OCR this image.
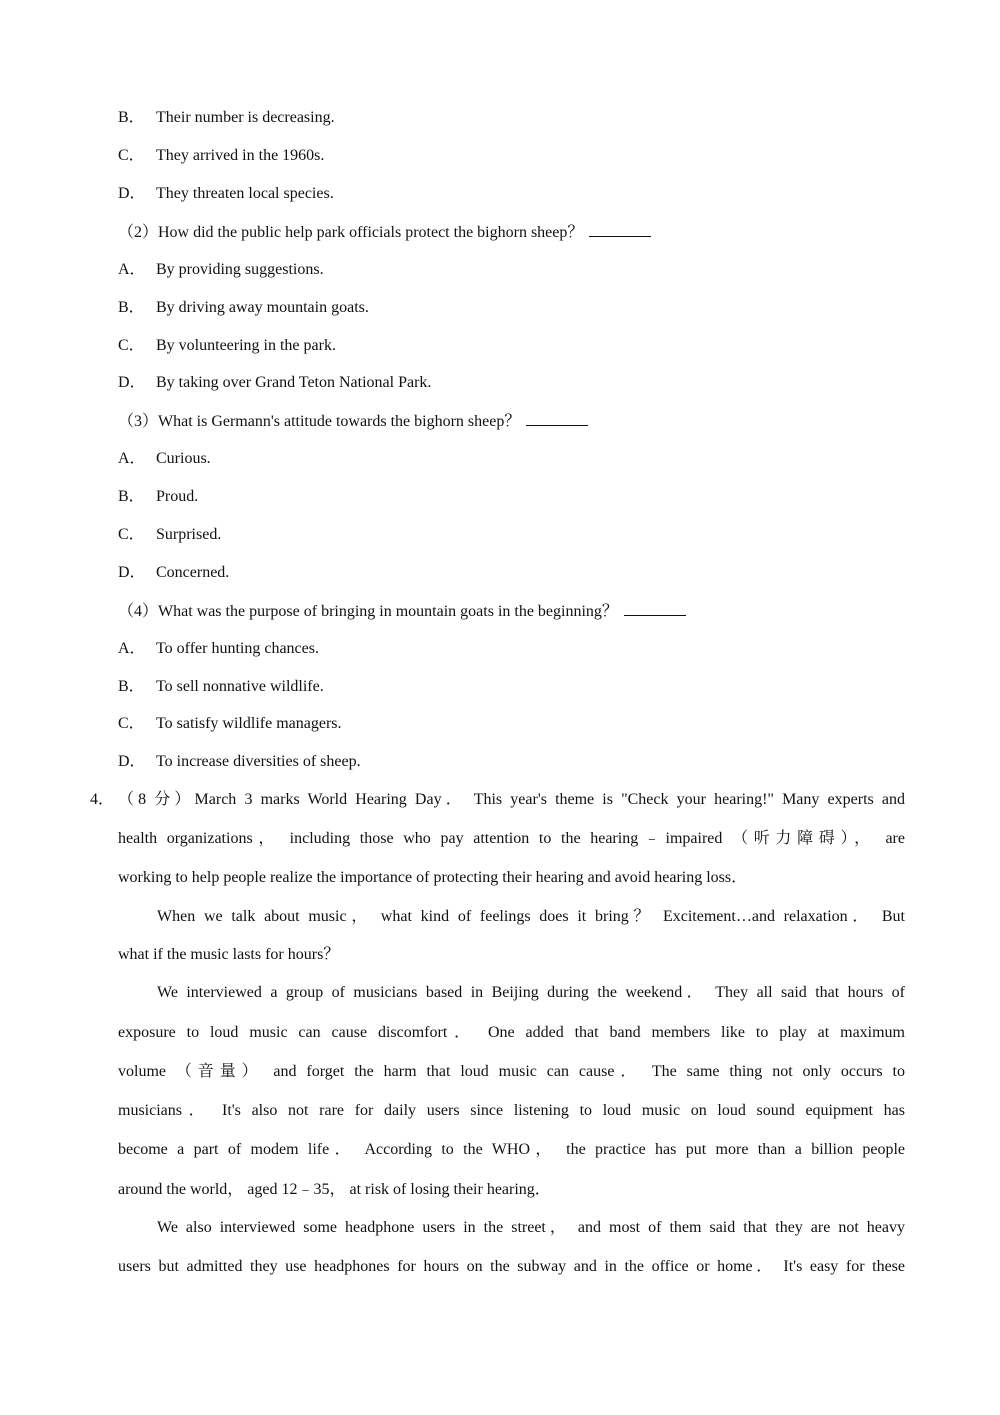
B． Their number is decreasing.
C． They arrived in the 1960s.
D． They threaten local species.
（2）How did the public help park officials protect the bighorn sheep？
A． By providing suggestions.
B． By driving away mountain goats.
C． By volunteering in the park.
D． By taking over Grand Teton National Park.
（3）What is Germann's attitude towards the bighorn sheep？
A． Curious.
B． Proud.
C． Surprised.
D． Concerned.
（4）What was the purpose of bringing in mountain goats in the beginning？
A． To offer hunting chances.
B． To sell nonnative wildlife.
C． To satisfy wildlife managers.
D． To increase diversities of sheep.
4． （8 分）March 3 marks World Hearing Day． This year's theme is "Check your hearing!" Many experts and
health organizations， including those who pay attention to the hearing﹣impaired （听力障碍）， are
working to help people realize the importance of protecting their hearing and avoid hearing loss．
When we talk about music， what kind of feelings does it bring？ Excitement…and relaxation． But
what if the music lasts for hours？
We interviewed a group of musicians based in Beijing during the weekend． They all said that hours of
exposure to loud music can cause discomfort． One added that band members like to play at maximum
volume （音量） and forget the harm that loud music can cause． The same thing not only occurs to
musicians． It's also not rare for daily users since listening to loud music on loud sound equipment has
become a part of modem life． According to the WHO， the practice has put more than a billion people
around the world， aged 12﹣35， at risk of losing their hearing．
We also interviewed some headphone users in the street， and most of them said that they are not heavy
users but admitted they use headphones for hours on the subway and in the office or home． It's easy for these
